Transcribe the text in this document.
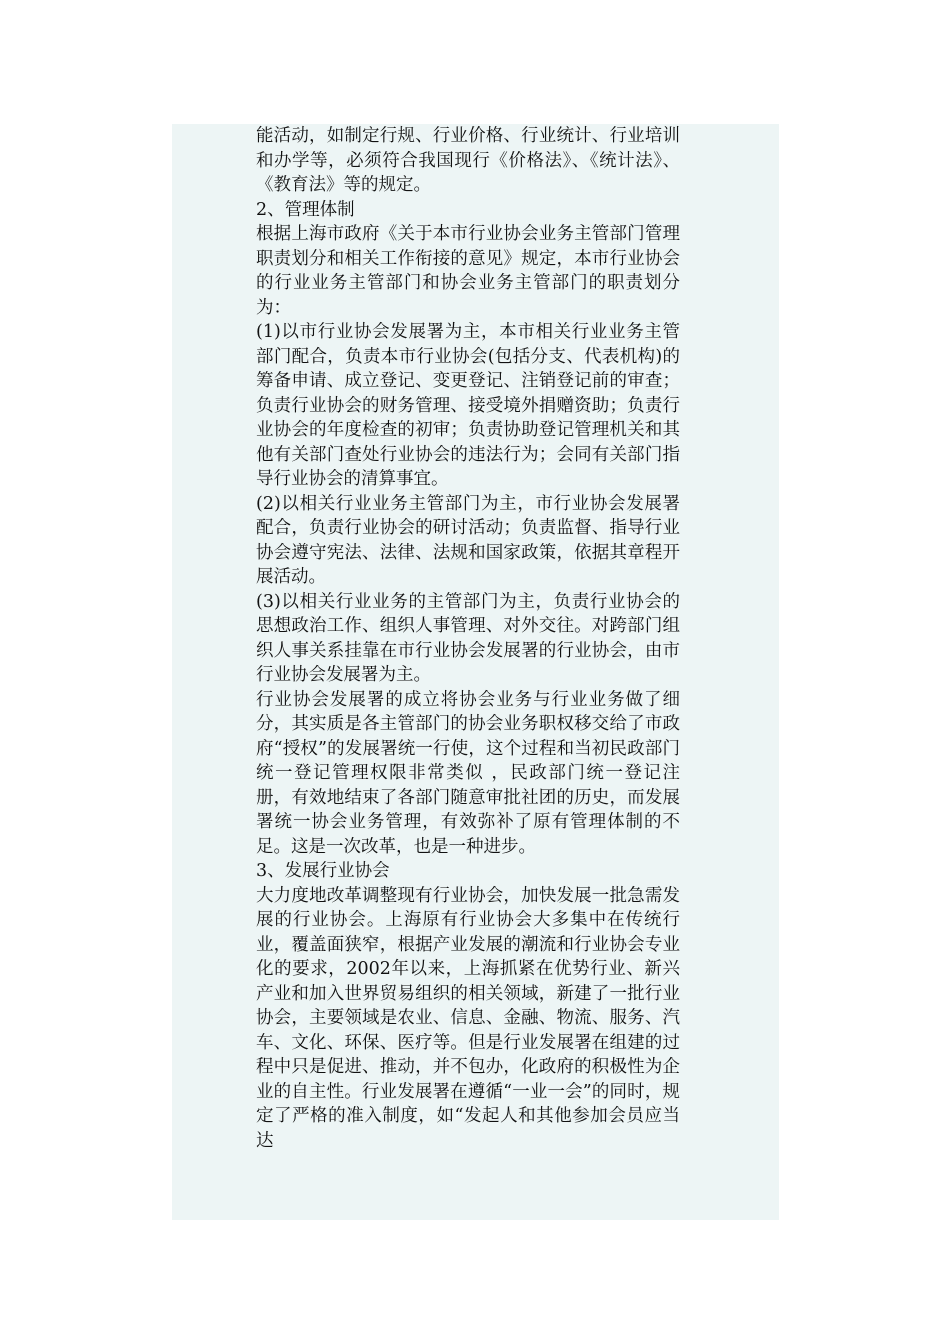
能活动，如制定行规、行业价格、行业统计、行业培训和办学等，必须符合我国现行《价格法》、《统计法》、《教育法》等的规定。

2、管理体制

根据上海市政府《关于本市行业协会业务主管部门管理职责划分和相关工作衔接的意见》规定，本市行业协会的行业业务主管部门和协会业务主管部门的职责划分为：

(1)以市行业协会发展署为主，本市相关行业业务主管部门配合，负责本市行业协会(包括分支、代表机构)的筹备申请、成立登记、变更登记、注销登记前的审查；负责行业协会的财务管理、接受境外捐赠资助；负责行业协会的年度检查的初审；负责协助登记管理机关和其他有关部门查处行业协会的违法行为；会同有关部门指导行业协会的清算事宜。

(2)以相关行业业务主管部门为主，市行业协会发展署配合，负责行业协会的研讨活动；负责监督、指导行业协会遵守宪法、法律、法规和国家政策，依据其章程开展活动。

(3)以相关行业业务的主管部门为主，负责行业协会的思想政治工作、组织人事管理、对外交往。对跨部门组织人事关系挂靠在市行业协会发展署的行业协会，由市行业协会发展署为主。

行业协会发展署的成立将协会业务与行业业务做了细分，其实质是各主管部门的协会业务职权移交给了市政府“授权”的发展署统一行使，这个过程和当初民政部门统一登记管理权限非常类似 ，民政部门统一登记注册，有效地结束了各部门随意审批社团的历史，而发展署统一协会业务管理，有效弥补了原有管理体制的不足。这是一次改革，也是一种进步。

3、发展行业协会

大力度地改革调整现有行业协会，加快发展一批急需发展的行业协会。上海原有行业协会大多集中在传统行业，覆盖面狭窄，根据产业发展的潮流和行业协会专业化的要求，2002年以来，上海抓紧在优势行业、新兴产业和加入世界贸易组织的相关领域，新建了一批行业协会，主要领域是农业、信息、金融、物流、服务、汽车、文化、环保、医疗等。但是行业发展署在组建的过程中只是促进、推动，并不包办，化政府的积极性为企业的自主性。行业发展署在遵循“一业一会”的同时，规定了严格的准入制度，如“发起人和其他参加会员应当达
